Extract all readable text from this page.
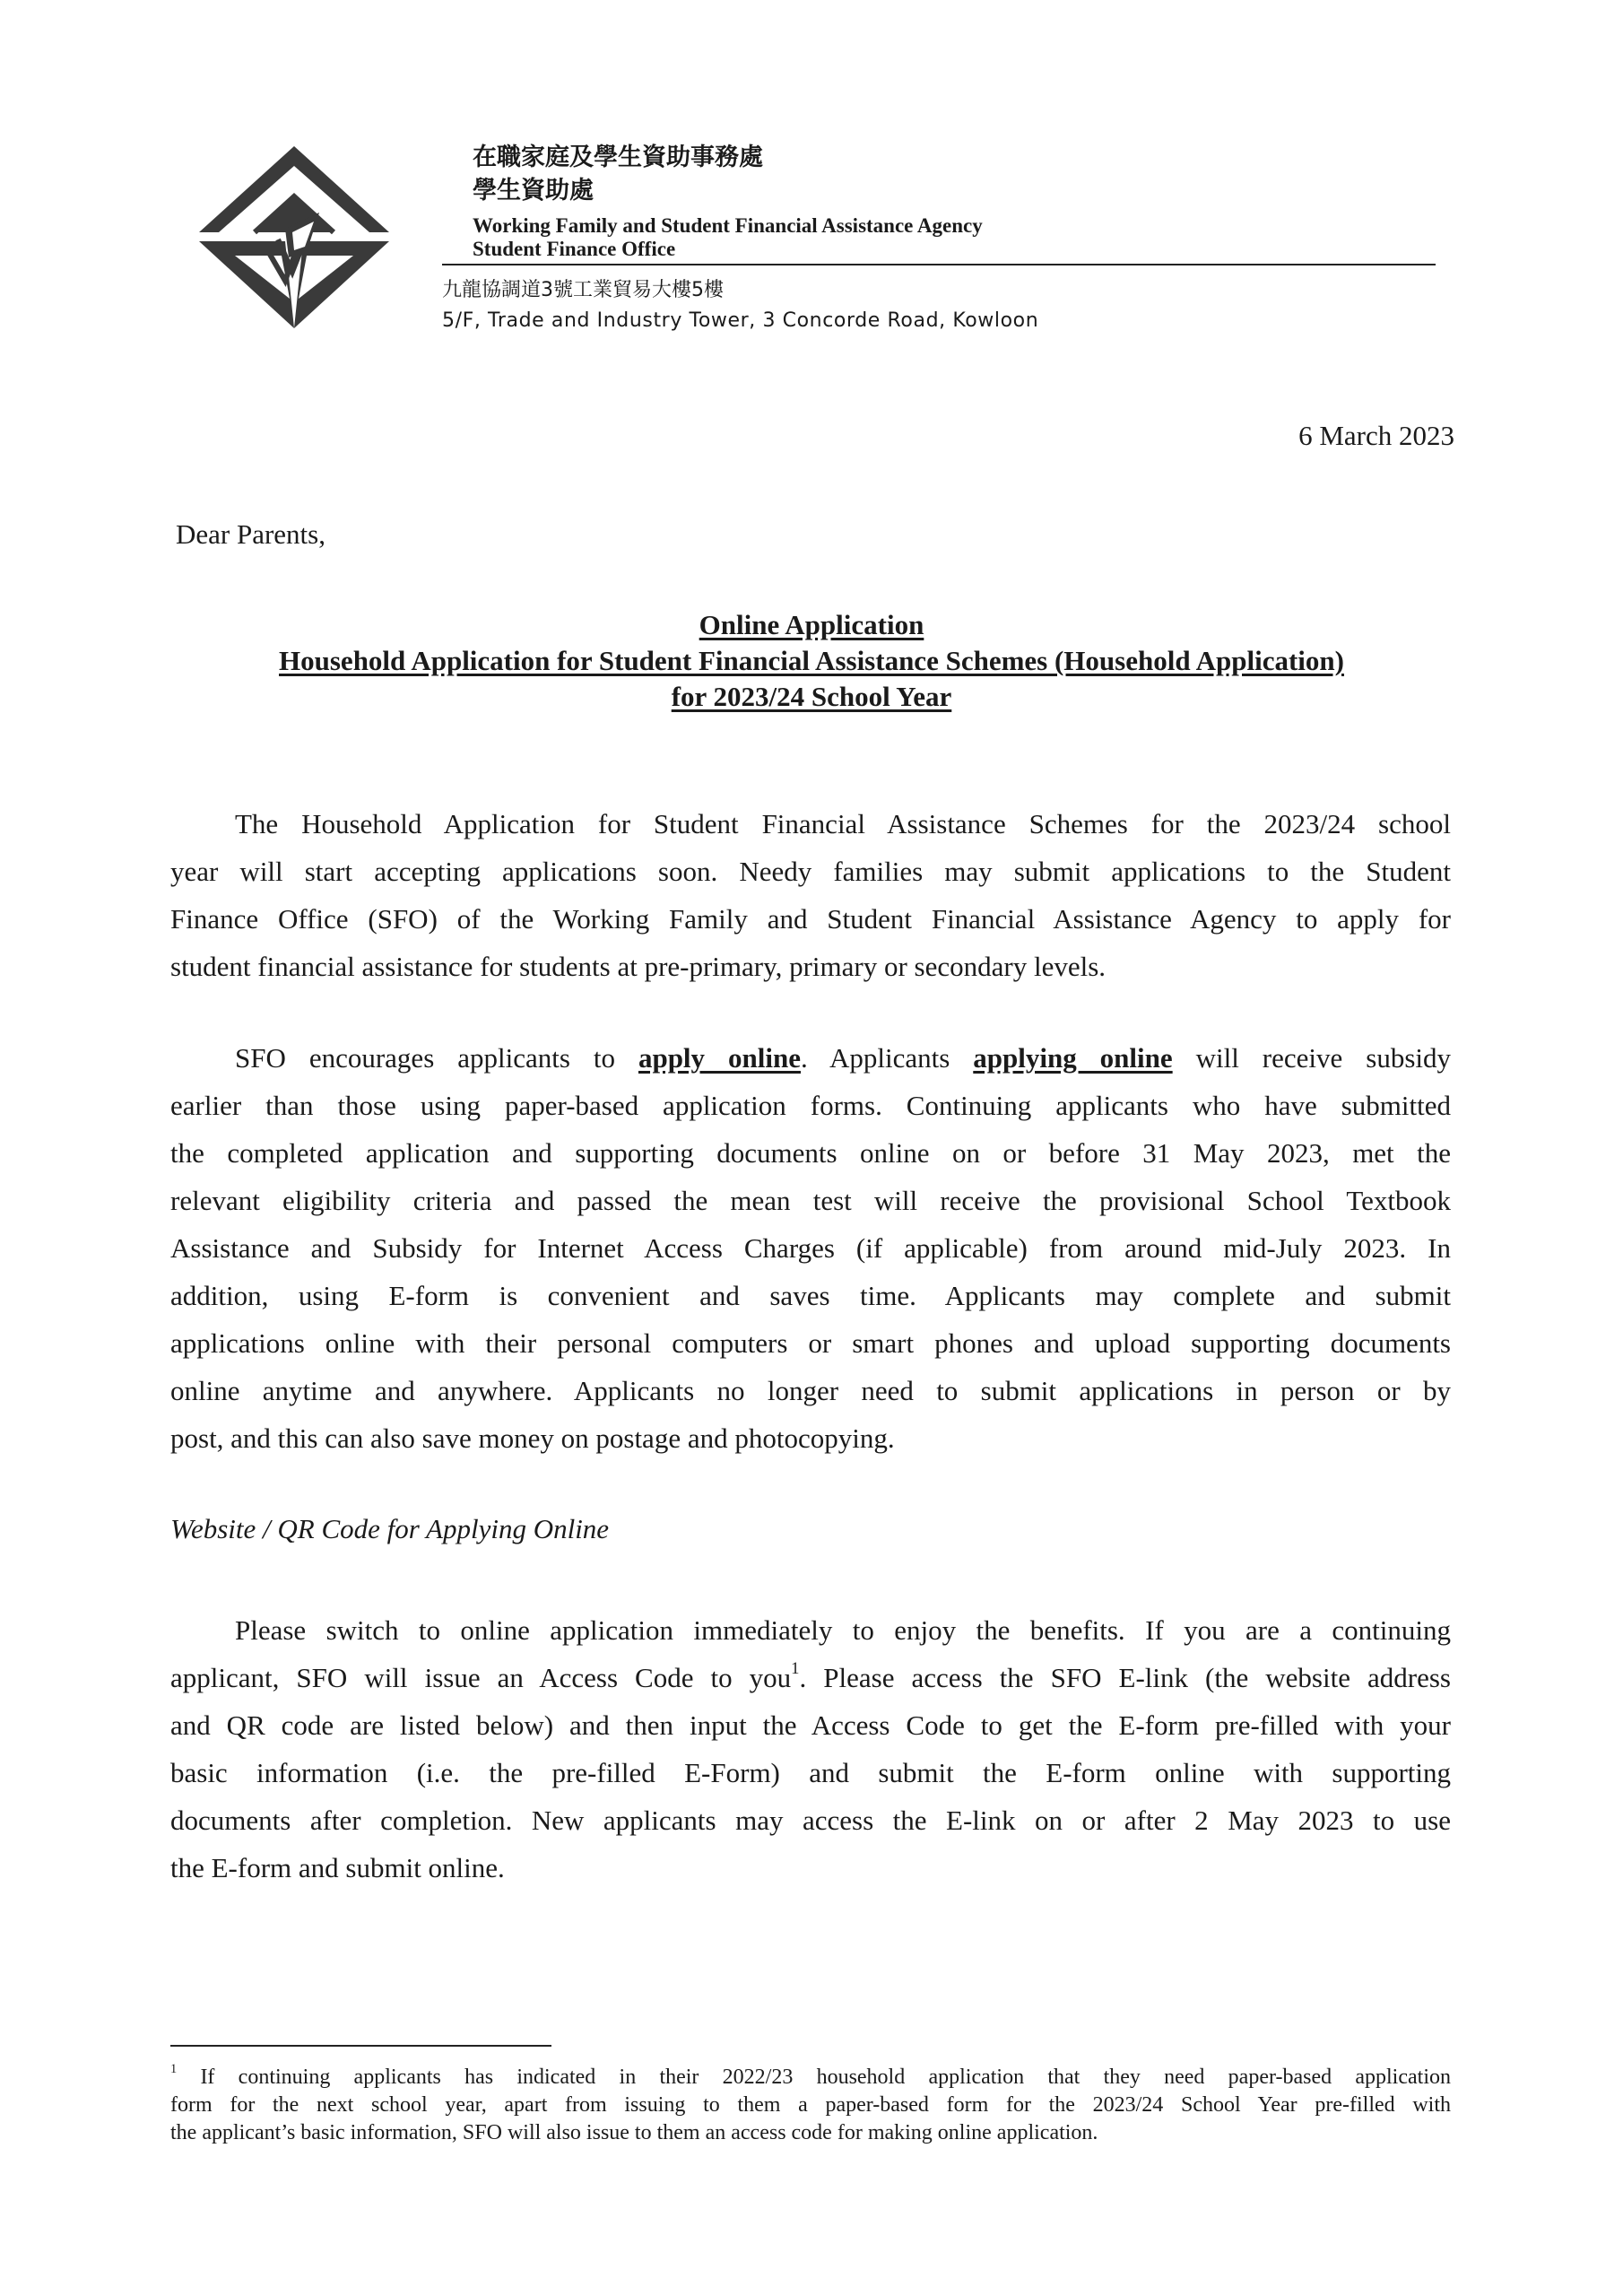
在職家庭及學生資助事務處
學生資助處
Working Family and Student Financial Assistance Agency
Student Finance Office
九龍協調道3號工業貿易大樓5樓
5/F, Trade and Industry Tower, 3 Concorde Road, Kowloon
6 March 2023
Dear Parents,
Online Application
Household Application for Student Financial Assistance Schemes (Household Application)
for 2023/24 School Year
The Household Application for Student Financial Assistance Schemes for the 2023/24 school
year will start accepting applications soon. Needy families may submit applications to the Student
Finance Office (SFO) of the Working Family and Student Financial Assistance Agency to apply for
student financial assistance for students at pre-primary, primary or secondary levels.
SFO encourages applicants to apply online. Applicants applying online will receive subsidy
earlier than those using paper-based application forms. Continuing applicants who have submitted
the completed application and supporting documents online on or before 31 May 2023, met the
relevant eligibility criteria and passed the mean test will receive the provisional School Textbook
Assistance and Subsidy for Internet Access Charges (if applicable) from around mid-July 2023. In
addition, using E-form is convenient and saves time. Applicants may complete and submit
applications online with their personal computers or smart phones and upload supporting documents
online anytime and anywhere. Applicants no longer need to submit applications in person or by
post, and this can also save money on postage and photocopying.
Website / QR Code for Applying Online
Please switch to online application immediately to enjoy the benefits. If you are a continuing
applicant, SFO will issue an Access Code to you$^1$. Please access the SFO E-link (the website address
and QR code are listed below) and then input the Access Code to get the E-form pre-filled with your
basic information (i.e. the pre-filled E-Form) and submit the E-form online with supporting
documents after completion. New applicants may access the E-link on or after 2 May 2023 to use
the E-form and submit online.
$^1$ If continuing applicants has indicated in their 2022/23 household application that they need paper-based application
form for the next school year, apart from issuing to them a paper-based form for the 2023/24 School Year pre-filled with
the applicant’s basic information, SFO will also issue to them an access code for making online application.
